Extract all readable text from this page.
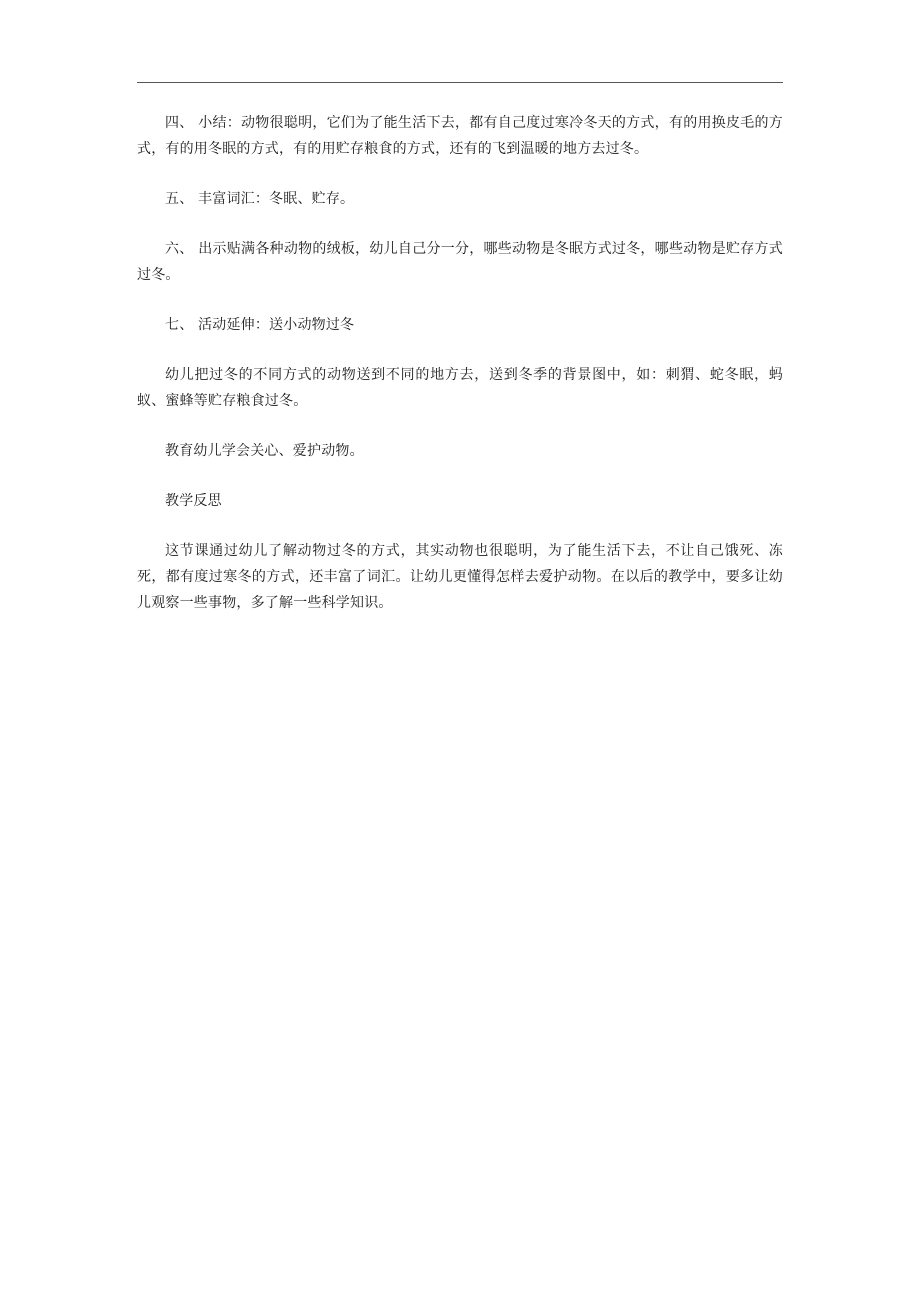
四、 小结：动物很聪明，它们为了能生活下去，都有自己度过寒冷冬天的方式，有的用换皮毛的方式，有的用冬眠的方式，有的用贮存粮食的方式，还有的飞到温暖的地方去过冬。

五、 丰富词汇：冬眠、贮存。

六、 出示贴满各种动物的绒板，幼儿自己分一分，哪些动物是冬眠方式过冬，哪些动物是贮存方式过冬。

七、 活动延伸：送小动物过冬

幼儿把过冬的不同方式的动物送到不同的地方去，送到冬季的背景图中，如：刺猬、蛇冬眠，蚂蚁、蜜蜂等贮存粮食过冬。

教育幼儿学会关心、爱护动物。

教学反思

这节课通过幼儿了解动物过冬的方式，其实动物也很聪明，为了能生活下去，不让自己饿死、冻死，都有度过寒冬的方式，还丰富了词汇。让幼儿更懂得怎样去爱护动物。在以后的教学中，要多让幼儿观察一些事物，多了解一些科学知识。
